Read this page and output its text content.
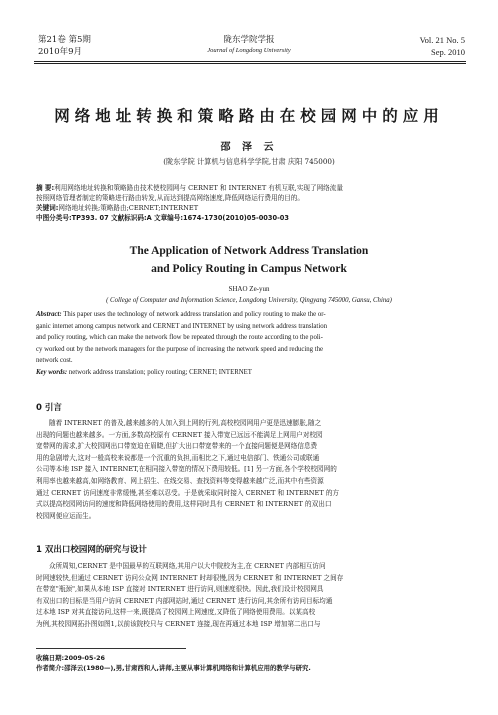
第21卷 第5期
2010年9月
陇东学院学报
Journal of Longdong University
Vol. 21 No. 5
Sep. 2010
网络地址转换和策略路由在校园网中的应用
邵 泽 云
(陇东学院 计算机与信息科学学院,甘肃 庆阳 745000)
摘 要:利用网络地址转换和策略路由技术使校园网与 CERNET 和 INTERNET 有机互联,实现了网络流量
按照网络管理者制定的策略进行路由转发,从而达到提高网络速度,降低网络运行费用的目的。
关键词:网络地址转换;策略路由;CERNET;INTERNET
中图分类号:TP393. 07 文献标识码:A 文章编号:1674-1730(2010)05-0030-03
The Application of Network Address Translation
and Policy Routing in Campus Network
SHAO Ze-yun
( College of Computer and Information Science, Longdong University, Qingyang 745000, Gansu, China)
Abstract: This paper uses the technology of network address translation and policy routing to make the or-
ganic internet among campus network and CERNET and INTERNET by using network address translation
and policy routing, which can make the network flow be repeated through the route according to the poli-
cy worked out by the network managers for the purpose of increasing the network speed and reducing the
network cost.
Key words: network address translation; policy routing; CERNET; INTERNET
0 引言
随着 INTERNET 的普及,越来越多的人加入到上网的行列,高校校园网用户更是迅速膨胀,随之
出现的问题也越来越多。一方面,多数高校原有 CERNET 接入带宽已远远不能满足上网用户对校园
宽带网的需求,扩大校园网出口带宽迫在眉睫,但扩大出口带宽带来的一个直接问题便是网络信息费
用的急剧增大,这对一般高校来说都是一个沉重的负担,而相比之下,通过电信部门、铁通公司或联通
公司等本地 ISP 接入 INTERNET,在相同接入带宽的情况下费用较低。[1] 另一方面,各个学校校园网的
利用率也越来越高,如网络教育、网上招生、在线交易、查找资料等变得越来越广泛,而其中有些资源
通过 CERNET 访问速度非常缓慢,甚至难以忍受。于是就采取同时接入 CERNET 和 INTERNET 的方
式以提高校园网访问的速度和降低网络使用的费用,这样同时具有 CERNET 和 INTERNET 的双出口
校园网便应运而生。
1 双出口校园网的研究与设计
众所周知,CERNET 是中国最早的互联网络,其用户以大中院校为主,在 CERNET 内部相互访问
时网速较快,但通过 CERNET 访问公众网 INTERNET 时却很慢,因为 CERNET 和 INTERNET 之间存
在带宽"瓶颈",如果从本地 ISP 直接对 INTERNET 进行访问,则速度很快。因此,我们设计校园网具
有双出口的目标是当用户访问 CERNET 内部网站时,通过 CERNET 进行访问,其余所有访问目标均通
过本地 ISP 对其直接访问,这样一来,既提高了校园网上网速度,又降低了网络使用费用。以某高校
为例,其校园网拓扑图如图1,以前该院校只与 CERNET 连接,现在再通过本地 ISP 增加第二出口与
收稿日期:2009-05-26
作者简介:邵泽云(1980—),男,甘肃西和人,讲师,主要从事计算机网络和计算机应用的教学与研究.
